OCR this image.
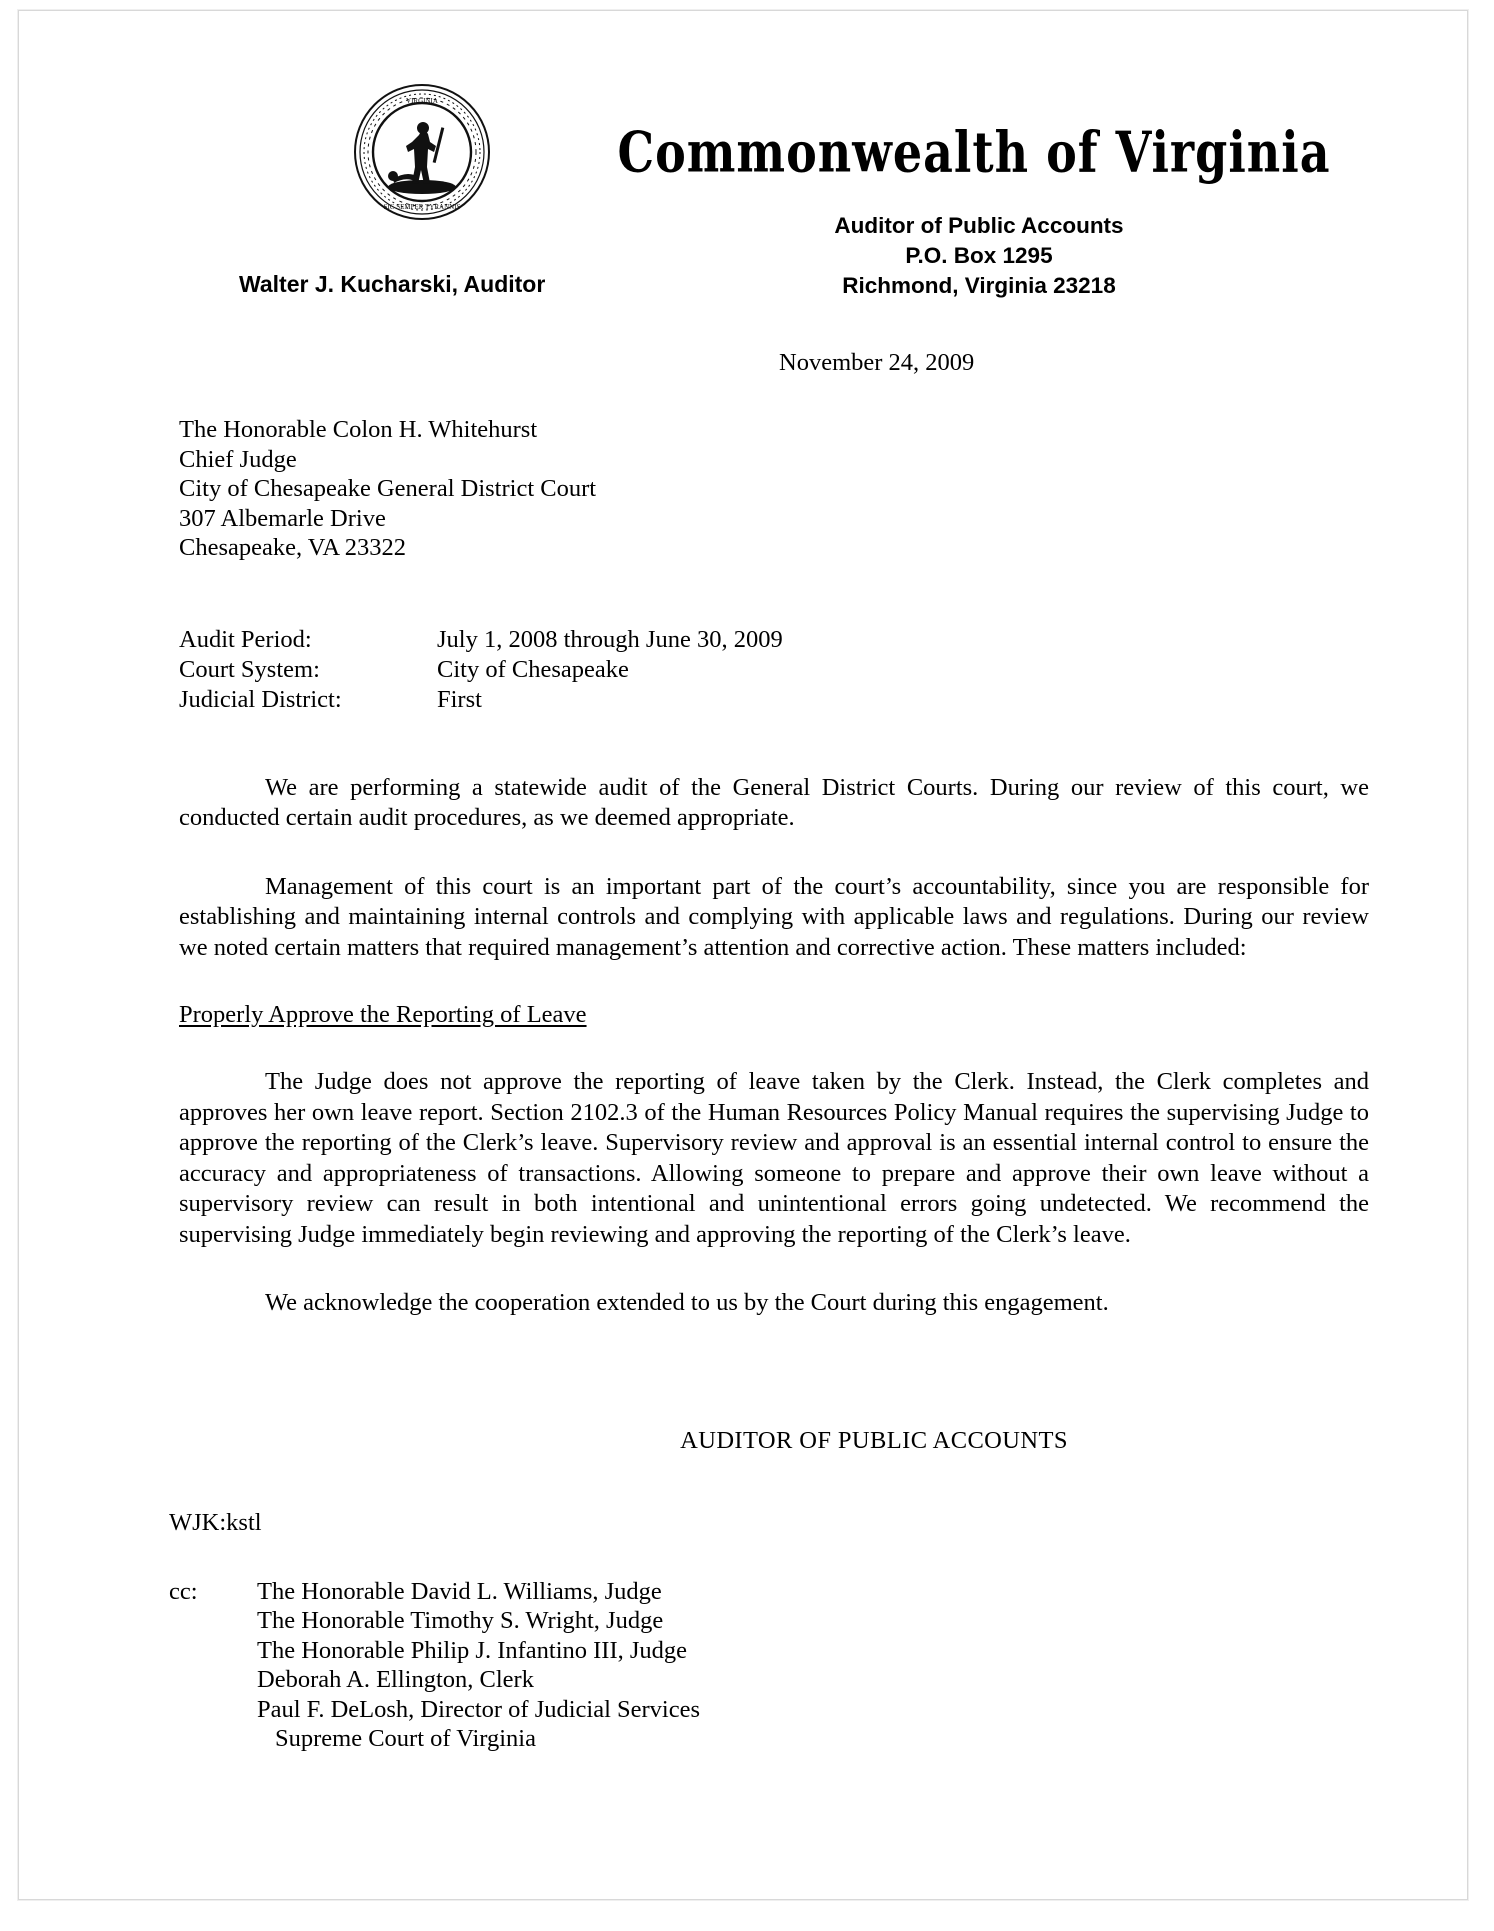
VIRGINIA
SIC SEMPER TYRANNIS
Commonwealth of Virginia
Auditor of Public Accounts
P.O. Box 1295
Richmond, Virginia 23218
Walter J. Kucharski, Auditor
November 24, 2009
The Honorable Colon H. Whitehurst
Chief Judge
City of Chesapeake General District Court
307 Albemarle Drive
Chesapeake, VA 23322
Audit Period:	July 1, 2008 through June 30, 2009
Court System:	City of Chesapeake
Judicial District:	First

We are performing a statewide audit of the General District Courts. During our review of this court, we conducted certain audit procedures, as we deemed appropriate.

Management of this court is an important part of the court’s accountability, since you are responsible for establishing and maintaining internal controls and complying with applicable laws and regulations. During our review we noted certain matters that required management’s attention and corrective action. These matters included:

Properly Approve the Reporting of Leave

The Judge does not approve the reporting of leave taken by the Clerk. Instead, the Clerk completes and approves her own leave report. Section 2102.3 of the Human Resources Policy Manual requires the supervising Judge to approve the reporting of the Clerk’s leave. Supervisory review and approval is an essential internal control to ensure the accuracy and appropriateness of transactions. Allowing someone to prepare and approve their own leave without a supervisory review can result in both intentional and unintentional errors going undetected. We recommend the supervising Judge immediately begin reviewing and approving the reporting of the Clerk’s leave.

We acknowledge the cooperation extended to us by the Court during this engagement.

AUDITOR OF PUBLIC ACCOUNTS
WJK:kstl
cc:	The Honorable David L. Williams, Judge
The Honorable Timothy S. Wright, Judge
The Honorable Philip J. Infantino III, Judge
Deborah A. Ellington, Clerk
Paul F. DeLosh, Director of Judicial Services
Supreme Court of Virginia
